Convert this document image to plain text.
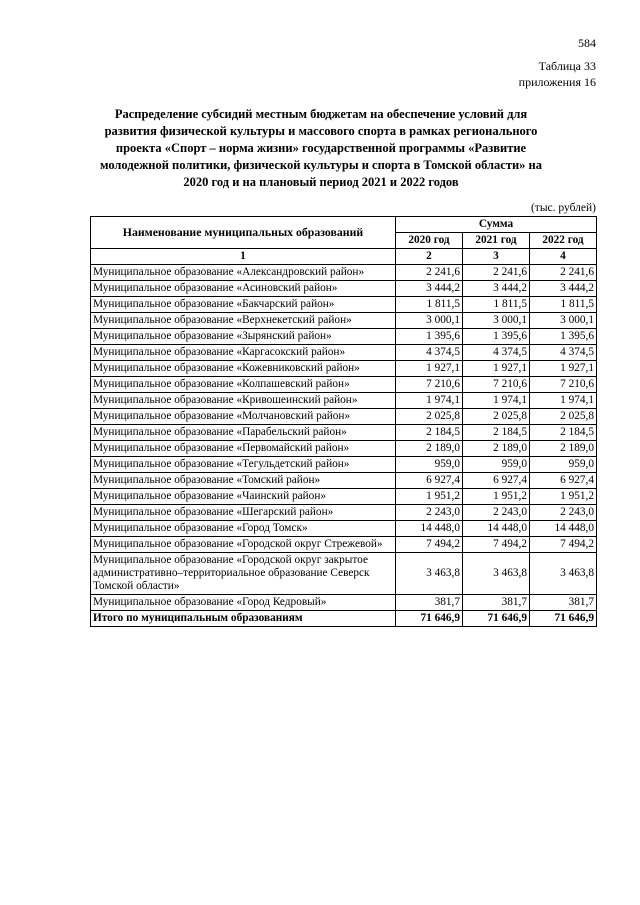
584
Таблица 33
приложения 16
Распределение субсидий местным бюджетам на обеспечение условий для развития физической культуры и массового спорта в рамках регионального проекта «Спорт – норма жизни» государственной программы «Развитие молодежной политики, физической культуры и спорта в Томской области» на 2020 год и на плановый период 2021 и 2022 годов
(тыс. рублей)
Наименование муниципальных образований	Сумма		
	2020 год	2021 год	2022 год
1	2	3	4
Муниципальное образование «Александровский район»	2 241,6	2 241,6	2 241,6
Муниципальное образование «Асиновский район»	3 444,2	3 444,2	3 444,2
Муниципальное образование «Бакчарский район»	1 811,5	1 811,5	1 811,5
Муниципальное образование «Верхнекетский район»	3 000,1	3 000,1	3 000,1
Муниципальное образование «Зырянский район»	1 395,6	1 395,6	1 395,6
Муниципальное образование «Каргасокский район»	4 374,5	4 374,5	4 374,5
Муниципальное образование «Кожевниковский район»	1 927,1	1 927,1	1 927,1
Муниципальное образование «Колпашевский район»	7 210,6	7 210,6	7 210,6
Муниципальное образование «Кривошеинский район»	1 974,1	1 974,1	1 974,1
Муниципальное образование «Молчановский район»	2 025,8	2 025,8	2 025,8
Муниципальное образование «Парабельский район»	2 184,5	2 184,5	2 184,5
Муниципальное образование «Первомайский район»	2 189,0	2 189,0	2 189,0
Муниципальное образование «Тегульдетский район»	959,0	959,0	959,0
Муниципальное образование «Томский район»	6 927,4	6 927,4	6 927,4
Муниципальное образование «Чаинский район»	1 951,2	1 951,2	1 951,2
Муниципальное образование «Шегарский район»	2 243,0	2 243,0	2 243,0
Муниципальное образование «Город Томск»	14 448,0	14 448,0	14 448,0
Муниципальное образование «Городской округ Стрежевой»	7 494,2	7 494,2	7 494,2
Муниципальное образование «Городской округ закрытое административно–территориальное образование Северск Томской области»	3 463,8	3 463,8	3 463,8
Муниципальное образование «Город Кедровый»	381,7	381,7	381,7
Итого по муниципальным образованиям	71 646,9	71 646,9	71 646,9
